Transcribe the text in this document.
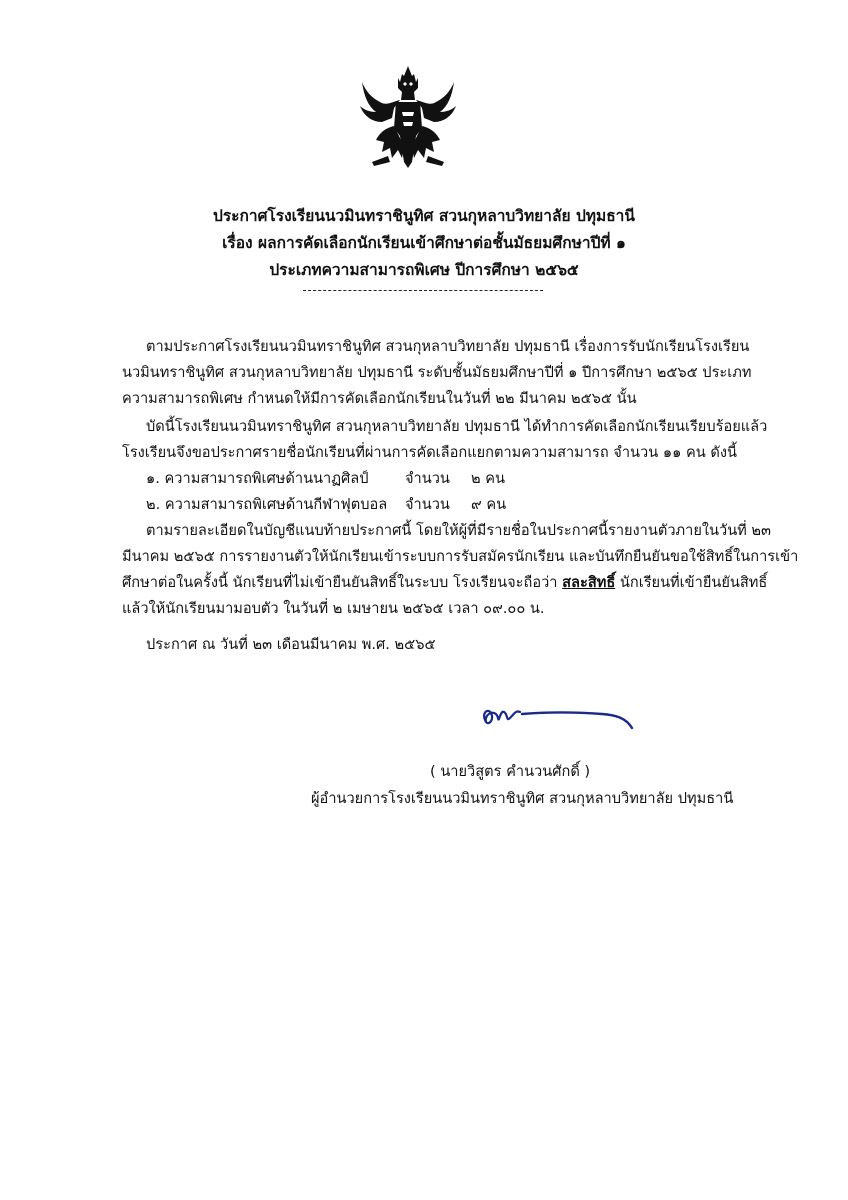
ประกาศโรงเรียนนวมินทราชินูทิศ สวนกุหลาบวิทยาลัย ปทุมธานี
เรื่อง ผลการคัดเลือกนักเรียนเข้าศึกษาต่อชั้นมัธยมศึกษาปีที่ ๑
ประเภทความสามารถพิเศษ ปีการศึกษา ๒๕๖๕
ตามประกาศโรงเรียนนวมินทราชินูทิศ สวนกุหลาบวิทยาลัย ปทุมธานี เรื่องการรับนักเรียนโรงเรียน
นวมินทราชินูทิศ สวนกุหลาบวิทยาลัย ปทุมธานี ระดับชั้นมัธยมศึกษาปีที่ ๑ ปีการศึกษา ๒๕๖๕ ประเภท
ความสามารถพิเศษ กำหนดให้มีการคัดเลือกนักเรียนในวันที่ ๒๒ มีนาคม ๒๕๖๕ นั้น
บัดนี้โรงเรียนนวมินทราชินูทิศ สวนกุหลาบวิทยาลัย ปทุมธานี ได้ทำการคัดเลือกนักเรียนเรียบร้อยแล้ว
โรงเรียนจึงขอประกาศรายชื่อนักเรียนที่ผ่านการคัดเลือกแยกตามความสามารถ จำนวน ๑๑ คน ดังนี้
๑. ความสามารถพิเศษด้านนาฏศิลป์	จำนวน ๒ คน
๒. ความสามารถพิเศษด้านกีฬาฟุตบอล จำนวน ๙ คน
ตามรายละเอียดในบัญชีแนบท้ายประกาศนี้ โดยให้ผู้ที่มีรายชื่อในประกาศนี้รายงานตัวภายในวันที่ ๒๓
มีนาคม ๒๕๖๕ การรายงานตัวให้นักเรียนเข้าระบบการรับสมัครนักเรียน และบันทึกยืนยันขอใช้สิทธิ์ในการเข้า
ศึกษาต่อในครั้งนี้ นักเรียนที่ไม่เข้ายืนยันสิทธิ์ในระบบ โรงเรียนจะถือว่า สละสิทธิ์ นักเรียนที่เข้ายืนยันสิทธิ์
แล้วให้นักเรียนมามอบตัว ในวันที่ ๒ เมษายน ๒๕๖๕ เวลา ๐๙.๐๐ น.
ประกาศ ณ วันที่ ๒๓ เดือนมีนาคม พ.ศ. ๒๕๖๕
( นายวิสูตร คำนวนศักดิ์ )
ผู้อำนวยการโรงเรียนนวมินทราชินูทิศ สวนกุหลาบวิทยาลัย ปทุมธานี
